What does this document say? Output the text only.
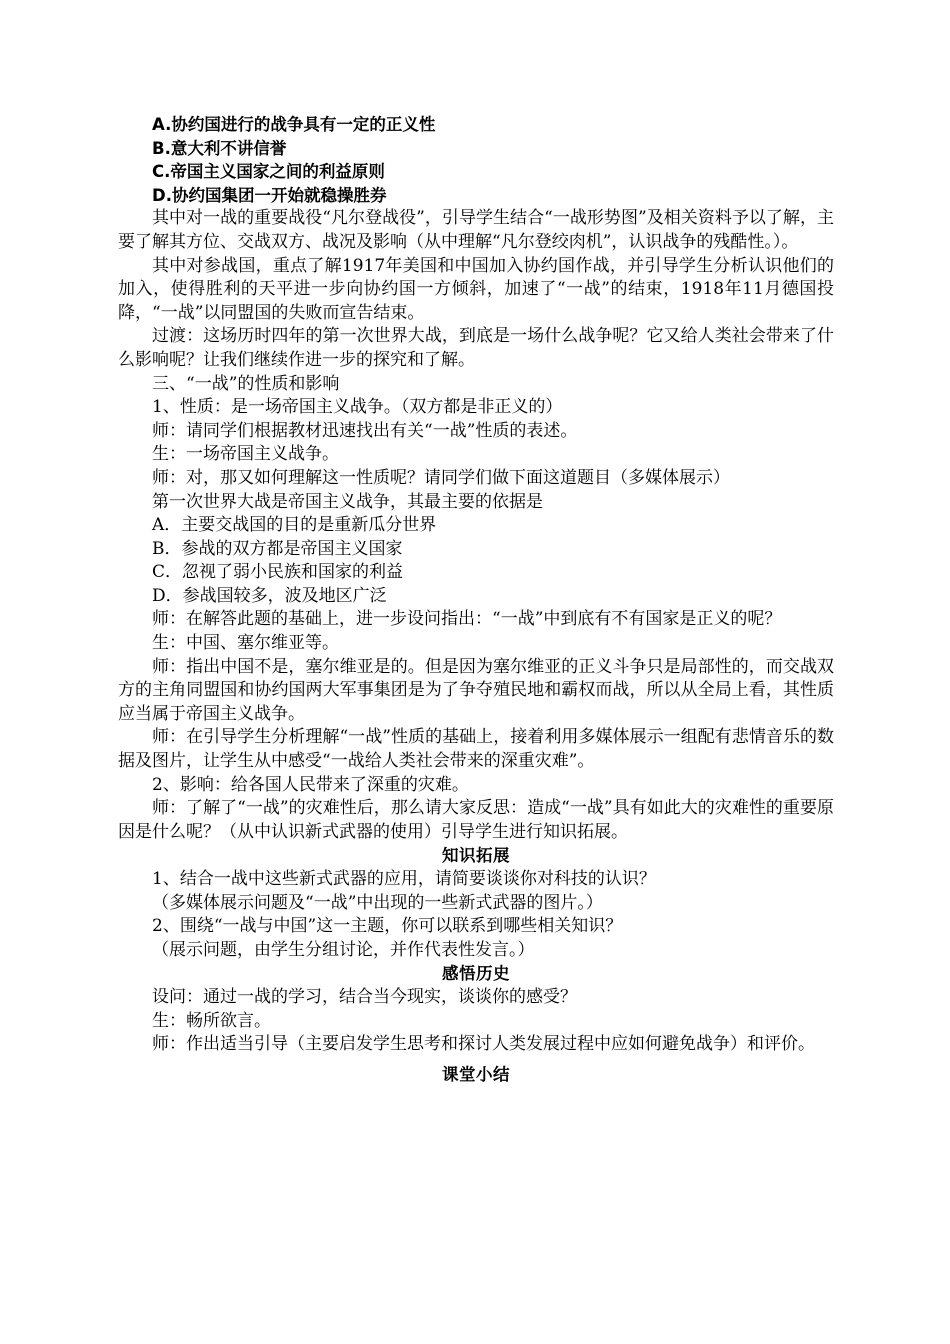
A.协约国进行的战争具有一定的正义性

B.意大利不讲信誉

C.帝国主义国家之间的利益原则

D.协约国集团一开始就稳操胜券

其中对一战的重要战役“凡尔登战役”，引导学生结合“一战形势图”及相关资料予以了解，主要了解其方位、交战双方、战况及影响（从中理解“凡尔登绞肉机”，认识战争的残酷性。）。

其中对参战国，重点了解1917年美国和中国加入协约国作战，并引导学生分析认识他们的加入，使得胜利的天平进一步向协约国一方倾斜，加速了“一战”的结束，1918年11月德国投降，“一战”以同盟国的失败而宣告结束。

过渡：这场历时四年的第一次世界大战，到底是一场什么战争呢？它又给人类社会带来了什么影响呢？让我们继续作进一步的探究和了解。

三、“一战”的性质和影响

1、性质：是一场帝国主义战争。（双方都是非正义的）

师：请同学们根据教材迅速找出有关“一战”性质的表述。

生：一场帝国主义战争。

师：对，那又如何理解这一性质呢？请同学们做下面这道题目（多媒体展示）

第一次世界大战是帝国主义战争，其最主要的依据是

A．主要交战国的目的是重新瓜分世界

B．参战的双方都是帝国主义国家

C．忽视了弱小民族和国家的利益

D．参战国较多，波及地区广泛

师：在解答此题的基础上，进一步设问指出：“一战”中到底有不有国家是正义的呢？

生：中国、塞尔维亚等。

师：指出中国不是，塞尔维亚是的。但是因为塞尔维亚的正义斗争只是局部性的，而交战双方的主角同盟国和协约国两大军事集团是为了争夺殖民地和霸权而战，所以从全局上看，其性质应当属于帝国主义战争。

师：在引导学生分析理解“一战”性质的基础上，接着利用多媒体展示一组配有悲情音乐的数据及图片，让学生从中感受“一战给人类社会带来的深重灾难”。

2、影响：给各国人民带来了深重的灾难。

师：了解了“一战”的灾难性后，那么请大家反思：造成“一战”具有如此大的灾难性的重要原因是什么呢？（从中认识新式武器的使用）引导学生进行知识拓展。

知识拓展

1、结合一战中这些新式武器的应用，请简要谈谈你对科技的认识？

（多媒体展示问题及“一战”中出现的一些新式武器的图片。）

2、围绕“一战与中国”这一主题，你可以联系到哪些相关知识？

（展示问题，由学生分组讨论，并作代表性发言。）

感悟历史

设问：通过一战的学习，结合当今现实，谈谈你的感受？

生：畅所欲言。

师：作出适当引导（主要启发学生思考和探讨人类发展过程中应如何避免战争）和评价。

课堂小结
